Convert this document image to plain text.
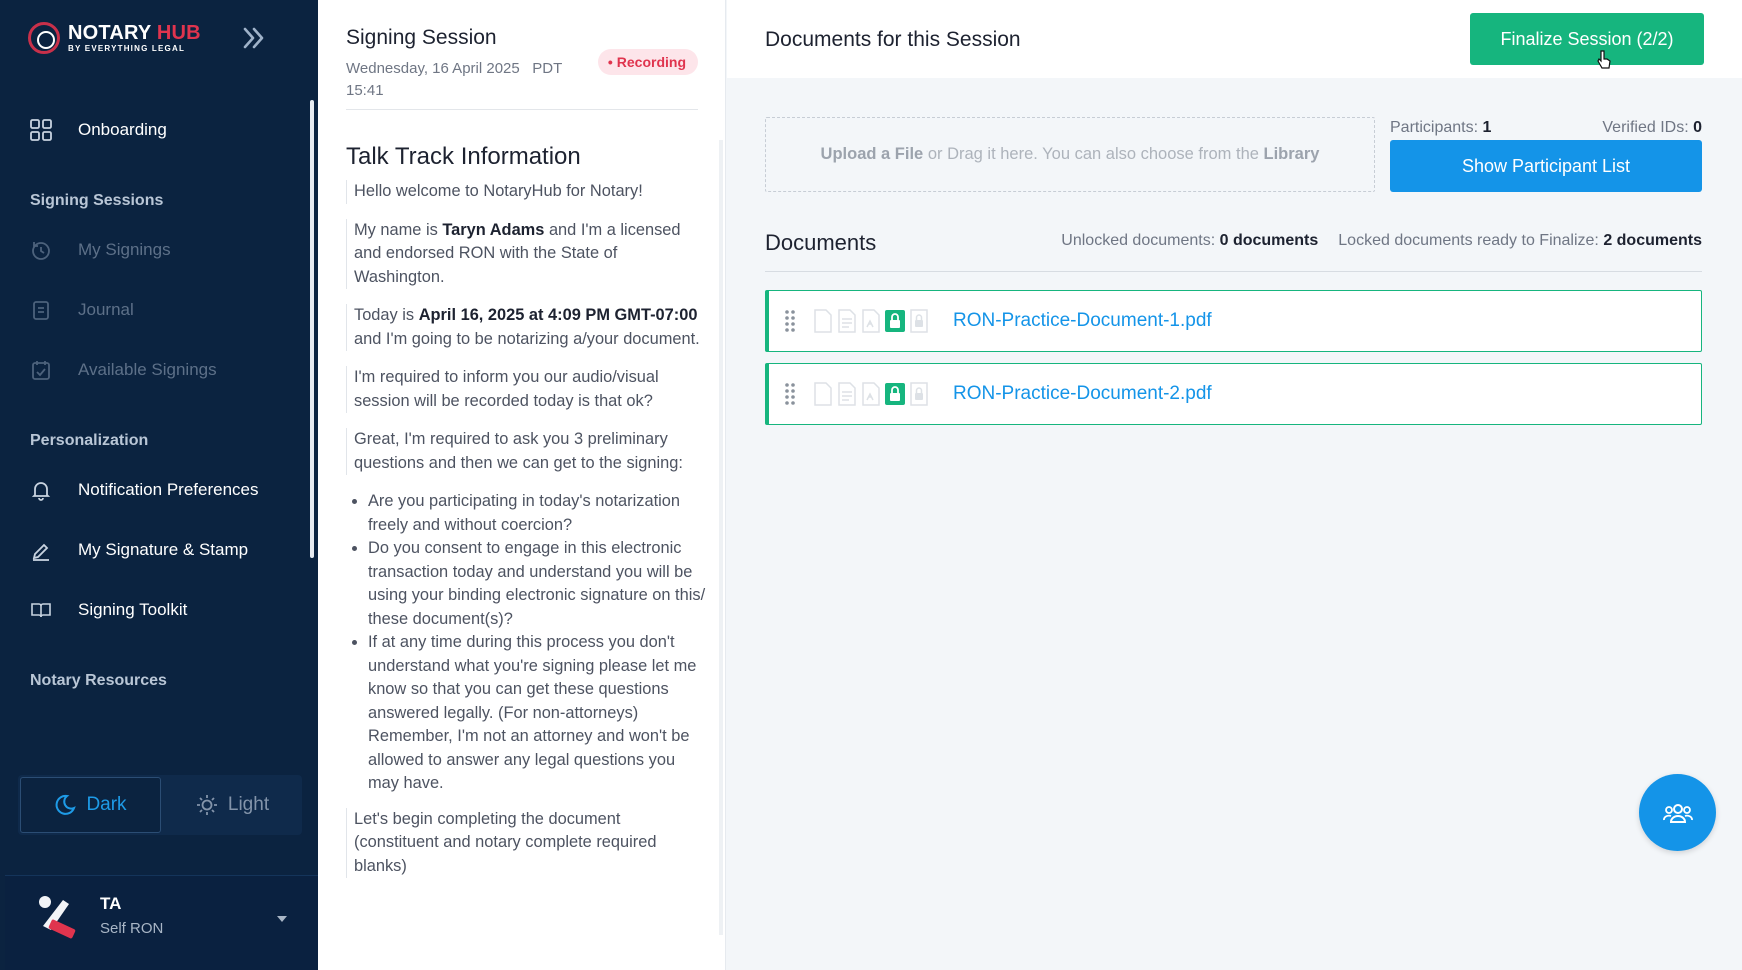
NOTARY HUB
BY EVERYTHING LEGAL
Onboarding
Signing Sessions
My Signings
Journal
Available Signings
Personalization
Notification Preferences
My Signature & Stamp
Signing Toolkit
Notary Resources
Dark	Light
TA
Self RON
Signing Session
Wednesday, 16 April 2025 PDT
15:41
• Recording
Talk Track Information
Hello welcome to NotaryHub for Notary!
My name is Taryn Adams and I'm a licensed and endorsed RON with the State of Washington.
Today is April 16, 2025 at 4:09 PM GMT-07:00 and I'm going to be notarizing a/your document.
I'm required to inform you our audio/visual session will be recorded today is that ok?
Great, I'm required to ask you 3 preliminary questions and then we can get to the signing:
• Are you participating in today's notarization freely and without coercion?
• Do you consent to engage in this electronic transaction today and understand you will be using your binding electronic signature on this/ these document(s)?
• If at any time during this process you don't understand what you're signing please let me know so that you can get these questions answered legally. (For non-attorneys) Remember, I'm not an attorney and won't be allowed to answer any legal questions you may have.
Let's begin completing the document (constituent and notary complete required blanks)
Documents for this Session	Finalize Session (2/2)
Upload a File or Drag it here. You can also choose from the Library
Participants: 1	Verified IDs: 0
Show Participant List
Documents	Unlocked documents: 0 documents Locked documents ready to Finalize: 2 documents
RON-Practice-Document-1.pdf
RON-Practice-Document-2.pdf
